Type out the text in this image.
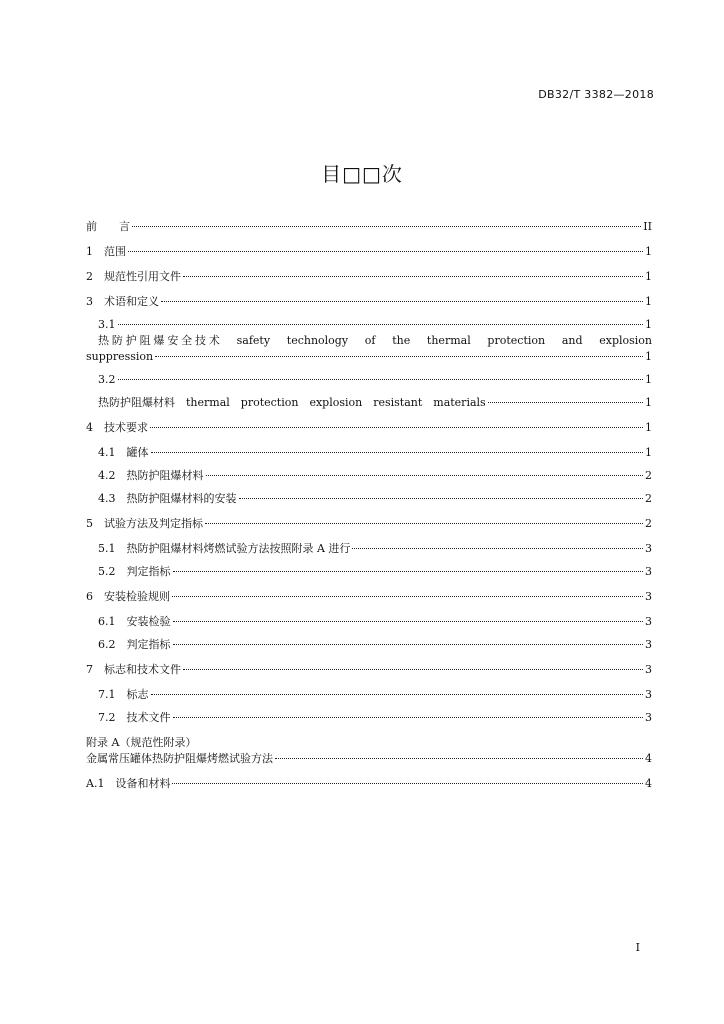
DB32/T 3382—2018
目□□次
前　　言	II
1　范围	1
2　规范性引用文件	1
3　术语和定义	1
3.1	1
热防护阻爆安全技术　safety　technology　of　the　thermal　protection　and　explosion
suppression	1
3.2	1
热防护阻爆材料　thermal　protection　explosion　resistant　materials	1
4　技术要求	1
4.1　罐体	1
4.2　热防护阻爆材料	2
4.3　热防护阻爆材料的安装	2
5　试验方法及判定指标	2
5.1　热防护阻爆材料烤燃试验方法按照附录 A 进行	3
5.2　判定指标	3
6　安装检验规则	3
6.1　安装检验	3
6.2　判定指标	3
7　标志和技术文件	3
7.1　标志	3
7.2　技术文件	3
附录 A（规范性附录）
金属常压罐体热防护阻爆烤燃试验方法	4
A.1　设备和材料	4
I
